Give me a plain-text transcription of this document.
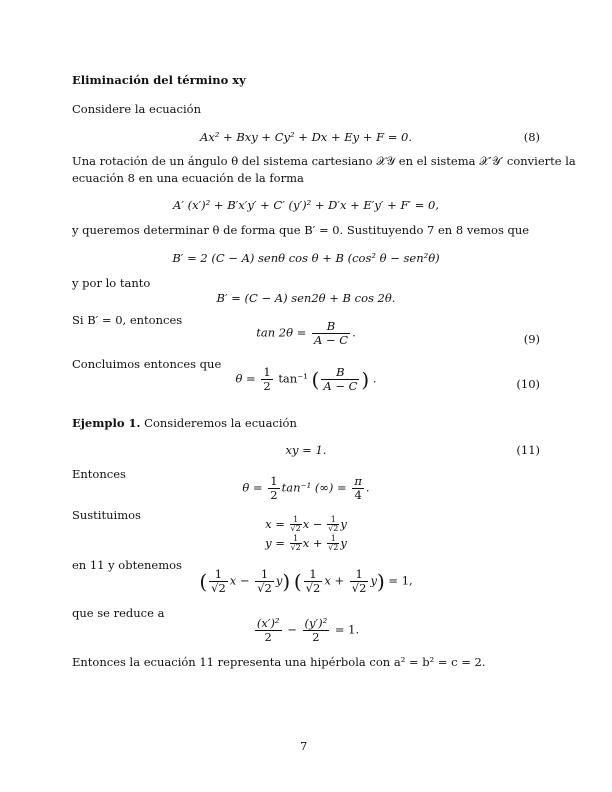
Eliminación del término xy
Considere la ecuación
Ax² + Bxy + Cy² + Dx + Ey + F = 0.	(8)
Una rotación de un ángulo θ del sistema cartesiano 𝒳𝒴 en el sistema 𝒳′𝒴′ convierte la
ecuación 8 en una ecuación de la forma
A′ (x′)² + B′x′y′ + C′ (y′)² + D′x + E′y′ + F′ = 0,
y queremos determinar θ de forma que B′ = 0. Sustituyendo 7 en 8 vemos que
B′ = 2 (C − A) senθ cos θ + B (cos² θ − sen²θ)
y por lo tanto
B′ = (C − A) sen2θ + B cos 2θ.
Si B′ = 0, entonces
$\tan 2\theta = \frac{B}{A - C}$ .	(9)
Concluimos entonces que
$\theta = \frac{1}{2} \tan^{-1}$ ( $\frac{B}{A - C}$ ) .	(10)
Ejemplo 1. Consideremos la ecuación
xy = 1.	(11)
Entonces
$\theta = \frac{1}{2} \tan^{-1}$ (∞) = $\frac{\pi}{4}$ .
Sustituimos
$x = \frac{1}{√2}$ $x - \frac{1}{√2}$ y
$y = \frac{1}{√2}$ $x + \frac{1}{√2}$ y
en 11 y obtenemos
( $\frac{1}{√2}$ $x - \frac{1}{√2} y$) ( $\frac{1}{√2}$ $x + \frac{1}{√2} y) = 1$,
que se reduce a
$\frac{\text{(x′)²}}{2} - \frac{\text{(y′)²}}{2} = 1$.
Entonces la ecuación 11 representa una hipérbola con a² = b² = c = 2.
7
